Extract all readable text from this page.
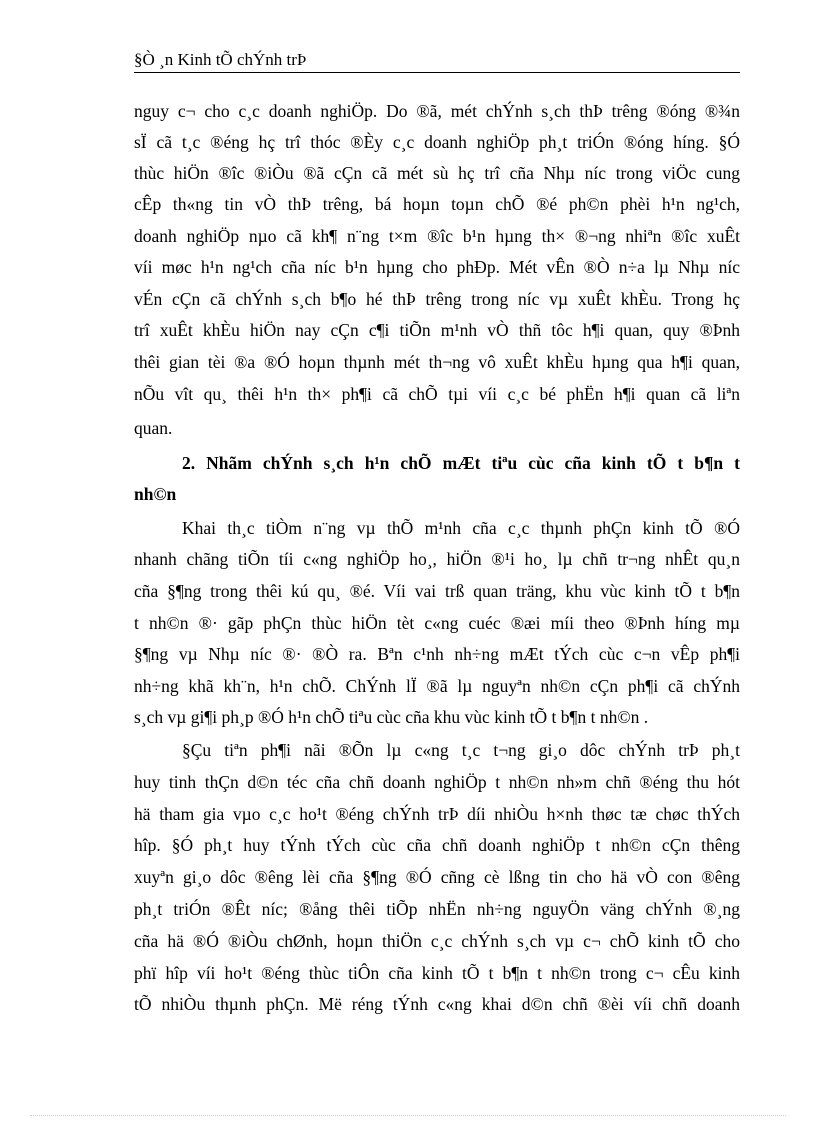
§Ò ¸n Kinh tÕ chÝnh trÞ
nguy c¬ cho c¸c doanh nghiÖp. Do ®ã, mét chÝnh s¸ch thÞ trêng ®óng ®¾n
sÏ cã t¸c ®éng hç trî thóc ®Èy c¸c doanh nghiÖp ph¸t triÓn ®óng híng. §Ó
thùc hiÖn ®îc ®iÒu ®ã cÇn cã mét sù hç trî cña Nhµ níc trong viÖc cung
cÊp th«ng tin vÒ thÞ trêng, bá hoµn toµn chÕ ®é ph©n phèi h¹n ng¹ch,
doanh nghiÖp nµo cã kh¶ n¨ng t×m ®îc b¹n hµng th× ®¬ng nhiªn ®îc xuÊt
víi møc h¹n ng¹ch cña níc b¹n hµng cho phÐp. Mét vÊn ®Ò n÷a lµ Nhµ níc
vÉn cÇn cã chÝnh s¸ch b¶o hé thÞ trêng trong níc vµ xuÊt khÈu. Trong hç
trî xuÊt khÈu hiÖn nay cÇn c¶i tiÕn m¹nh vÒ thñ tôc h¶i quan, quy ®Þnh
thêi gian tèi ®a ®Ó hoµn thµnh mét th¬ng vô xuÊt khÈu hµng qua h¶i quan,
nÕu vît qu¸ thêi h¹n th× ph¶i cã chÕ tµi víi c¸c bé phËn h¶i quan cã liªn
quan.
2. Nhãm chÝnh s¸ch h¹n chÕ mÆt tiªu cùc cña kinh tÕ t b¶n t
nh©n
Khai th¸c tiÒm n¨ng vµ thÕ m¹nh cña c¸c thµnh phÇn kinh tÕ ®Ó
nhanh chãng tiÕn tíi c«ng nghiÖp ho¸, hiÖn ®¹i ho¸ lµ chñ tr¬ng nhÊt qu¸n
cña §¶ng trong thêi kú qu¸ ®é. Víi vai trß quan träng, khu vùc kinh tÕ t b¶n
t nh©n ®· gãp phÇn thùc hiÖn tèt c«ng cuéc ®æi míi theo ®Þnh híng mµ
§¶ng vµ Nhµ níc ®· ®Ò ra. Bªn c¹nh nh÷ng mÆt tÝch cùc c¬n vÊp ph¶i
nh÷ng khã kh¨n, h¹n chÕ. ChÝnh lÏ ®ã lµ nguyªn nh©n cÇn ph¶i cã chÝnh
s¸ch vµ gi¶i ph¸p ®Ó h¹n chÕ tiªu cùc cña khu vùc kinh tÕ t b¶n t nh©n .
§Çu tiªn ph¶i nãi ®Õn lµ c«ng t¸c t¬ng gi¸o dôc chÝnh trÞ ph¸t
huy tinh thÇn d©n téc cña chñ doanh nghiÖp t nh©n nh»m chñ ®éng thu hót
hä tham gia vµo c¸c ho¹t ®éng chÝnh trÞ díi nhiÒu h×nh thøc tæ chøc thÝch
hîp. §Ó ph¸t huy tÝnh tÝch cùc cña chñ doanh nghiÖp t nh©n cÇn thêng
xuyªn gi¸o dôc ®êng lèi cña §¶ng ®Ó cñng cè lßng tin cho hä vÒ con ®êng
ph¸t triÓn ®Êt níc; ®ång thêi tiÕp nhËn nh÷ng nguyÖn väng chÝnh ®¸ng
cña hä ®Ó ®iÒu chØnh, hoµn thiÖn c¸c chÝnh s¸ch vµ c¬ chÕ kinh tÕ cho
phï hîp víi ho¹t ®éng thùc tiÔn cña kinh tÕ t b¶n t nh©n trong c¬ cÊu kinh
tÕ nhiÒu thµnh phÇn. Më réng tÝnh c«ng khai d©n chñ ®èi víi chñ doanh
